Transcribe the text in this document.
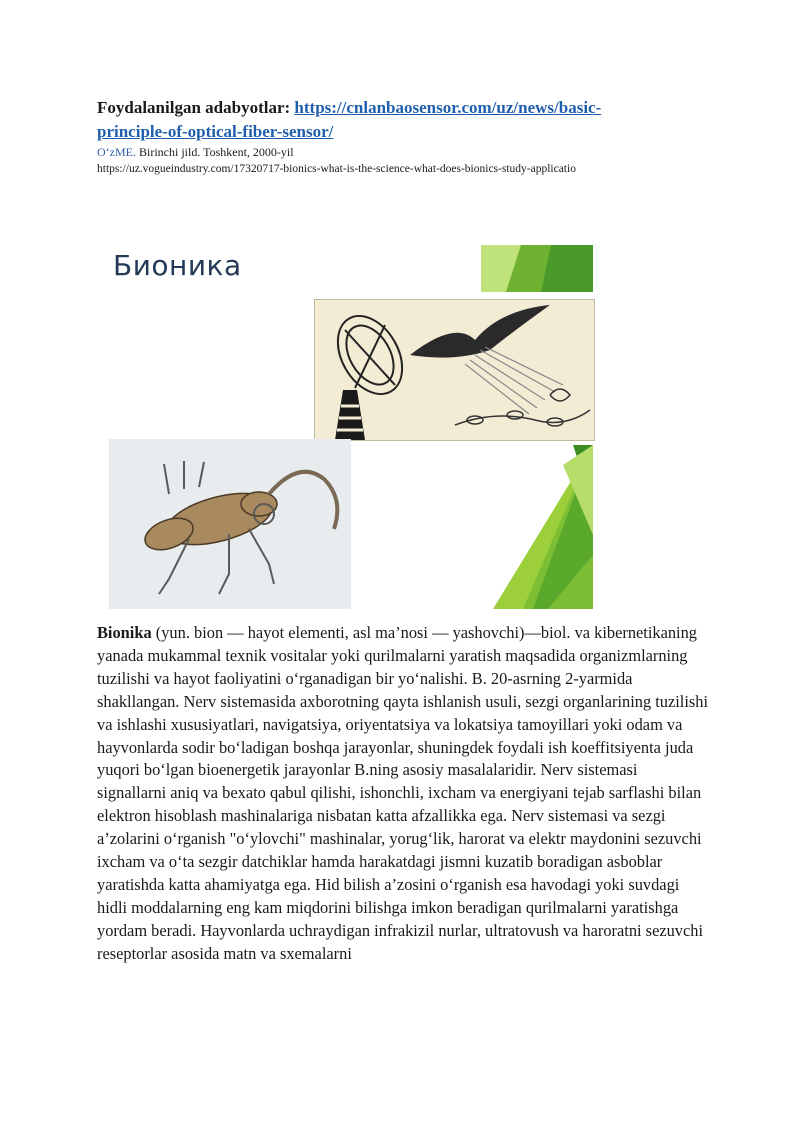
Foydalanilgan adabyotlar: https://cnlanbaosensor.com/uz/news/basic-
principle-of-optical-fiber-sensor/

O‘zME. Birinchi jild. Toshkent, 2000-yil

https://uz.vogueindustry.com/17320717-bionics-what-is-the-science-what-does-bionics-study-applicatio

Бионика

Bionika (yun. bion — hayot elementi, asl ma’nosi — yashovchi)—biol. va kibernetikaning yanada mukammal texnik vositalar yoki qurilmalarni yaratish maqsadida organizmlarning tuzilishi va hayot faoliyatini o‘rganadigan bir yo‘nalishi. B. 20-asrning 2-yarmida shakllangan. Nerv sistemasida axborotning qayta ishlanish usuli, sezgi organlarining tuzilishi va ishlashi xususiyatlari, navigatsiya, oriyentatsiya va lokatsiya tamoyillari yoki odam va hayvonlarda sodir bo‘ladigan boshqa jarayonlar, shuningdek foydali ish koeffitsiyenta juda yuqori bo‘lgan bioenergetik jarayonlar B.ning asosiy masalalaridir. Nerv sistemasi signallarni aniq va bexato qabul qilishi, ishonchli, ixcham va energiyani tejab sarflashi bilan elektron hisoblash mashinalariga nisbatan katta afzallikka ega. Nerv sistemasi va sezgi a’zolarini o‘rganish "o‘ylovchi" mashinalar, yorug‘lik, harorat va elektr maydonini sezuvchi ixcham va o‘ta sezgir datchiklar hamda harakatdagi jismni kuzatib boradigan asboblar yaratishda katta ahamiyatga ega. Hid bilish a’zosini o‘rganish esa havodagi yoki suvdagi hidli moddalarning eng kam miqdorini bilishga imkon beradigan qurilmalarni yaratishga yordam beradi. Hayvonlarda uchraydigan infrakizil nurlar, ultratovush va haroratni sezuvchi reseptorlar asosida matn va sxemalarni
